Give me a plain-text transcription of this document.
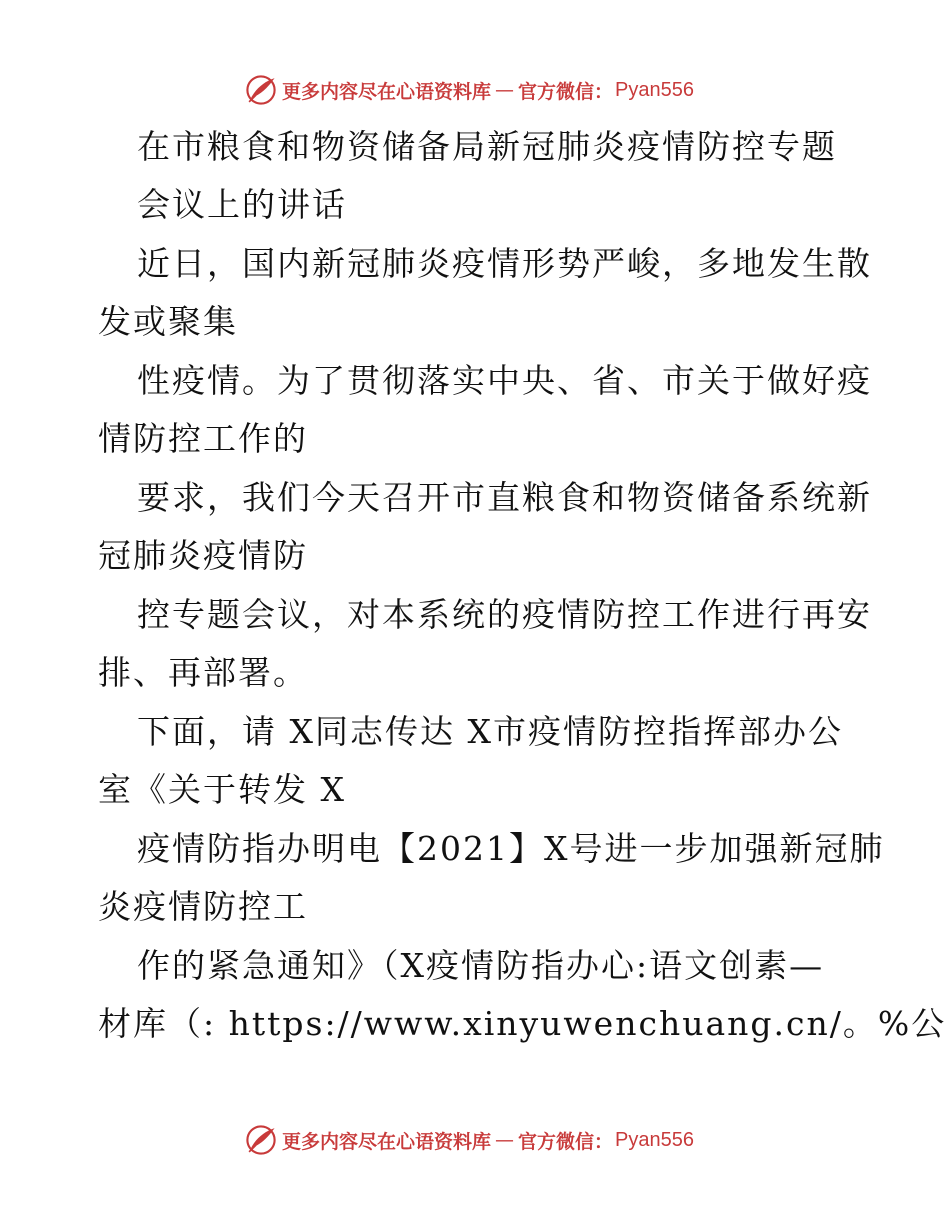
更多内容尽在心语资料库 — 官方微信： Pyan556
在市粮食和物资储备局新冠肺炎疫情防控专题
会议上的讲话
近日，国内新冠肺炎疫情形势严峻，多地发生散
发或聚集
性疫情。为了贯彻落实中央、省、市关于做好疫
情防控工作的
要求，我们今天召开市直粮食和物资储备系统新
冠肺炎疫情防
控专题会议，对本系统的疫情防控工作进行再安
排、再部署。
下面，请 X同志传达 X市疫情防控指挥部办公
室《关于转发 X
疫情防指办明电【2021】X号进一步加强新冠肺
炎疫情防控工
作的紧急通知》（X疫情防指办心:语文创素—
材库（: https://www.xinyuwenchuang.cn/。%公
更多内容尽在心语资料库 — 官方微信： Pyan556
